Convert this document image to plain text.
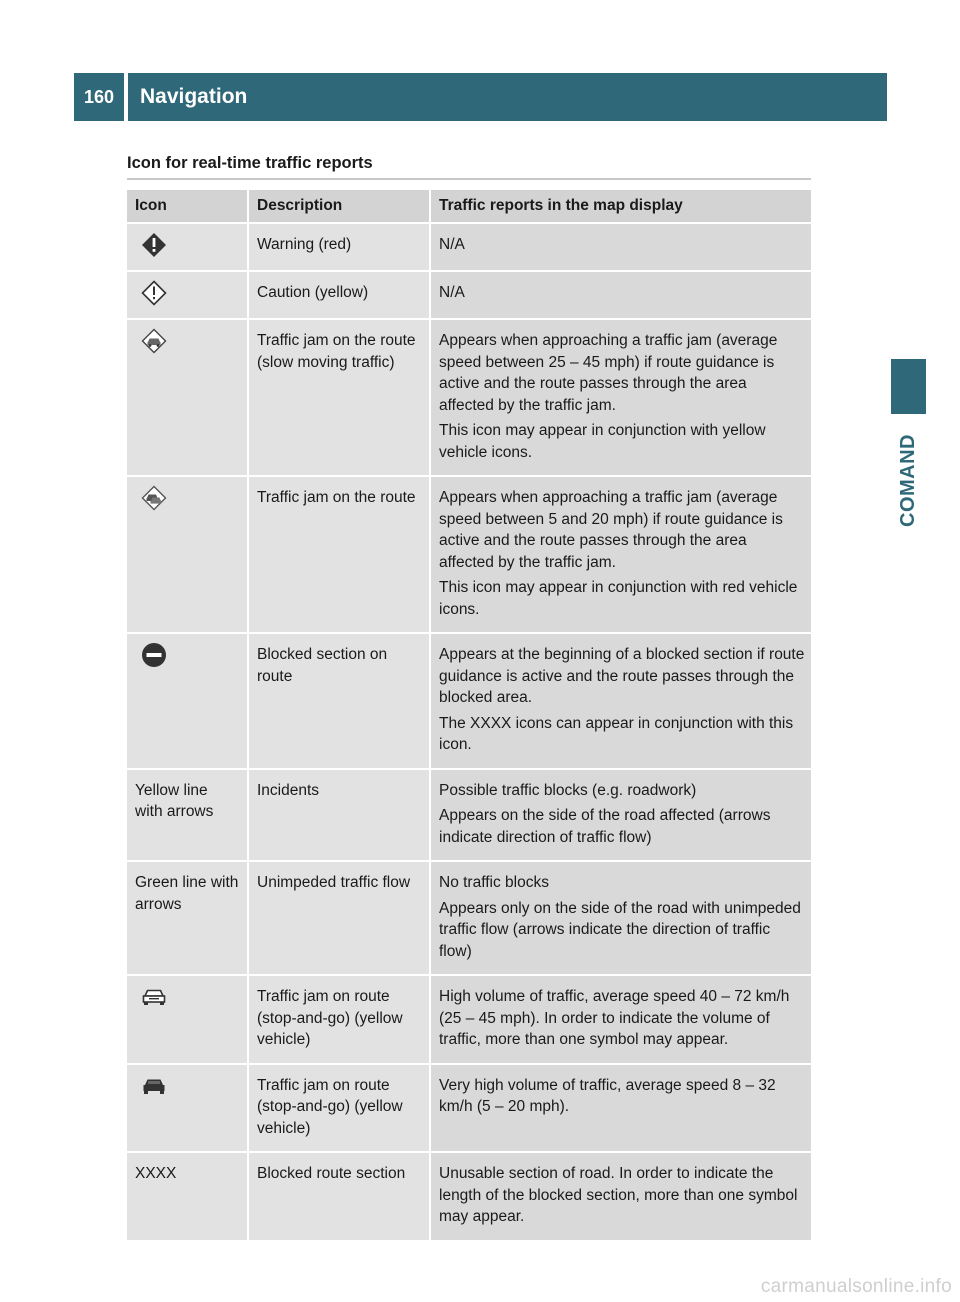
160	Navigation
COMAND
Icon for real-time traffic reports
Icon	Description	Traffic reports in the map display

	Warning (red)	N/A

	Caution (yellow)	N/A

	Traffic jam on the route (slow moving traffic)	Appears when approaching a traffic jam (average speed between 25 – 45 mph) if route guidance is active and the route passes through the area affected by the traffic jam.

This icon may appear in conjunction with yellow vehicle icons.

	Traffic jam on the route	Appears when approaching a traffic jam (average speed between 5 and 20 mph) if route guidance is active and the route passes through the area affected by the traffic jam.

This icon may appear in conjunction with red vehicle icons.

	Blocked section on route	Appears at the beginning of a blocked section if route guidance is active and the route passes through the blocked area.

The XXXX icons can appear in conjunction with this icon.

Yellow line with arrows	Incidents	Possible traffic blocks (e.g. roadwork)

Appears on the side of the road affected (arrows indicate direction of traffic flow)

Green line with arrows	Unimpeded traffic flow	No traffic blocks

Appears only on the side of the road with unimpeded traffic flow (arrows indicate the direction of traffic flow)

	Traffic jam on route (stop-and-go) (yellow vehicle)	High volume of traffic, average speed 40 – 72 km/h (25 – 45 mph). In order to indicate the volume of traffic, more than one symbol may appear.

	Traffic jam on route (stop-and-go) (yellow vehicle)	Very high volume of traffic, average speed 8 – 32 km/h (5 – 20 mph).

XXXX	Blocked route section	Unusable section of road. In order to indicate the length of the blocked section, more than one symbol may appear.

carmanualsonline.info
